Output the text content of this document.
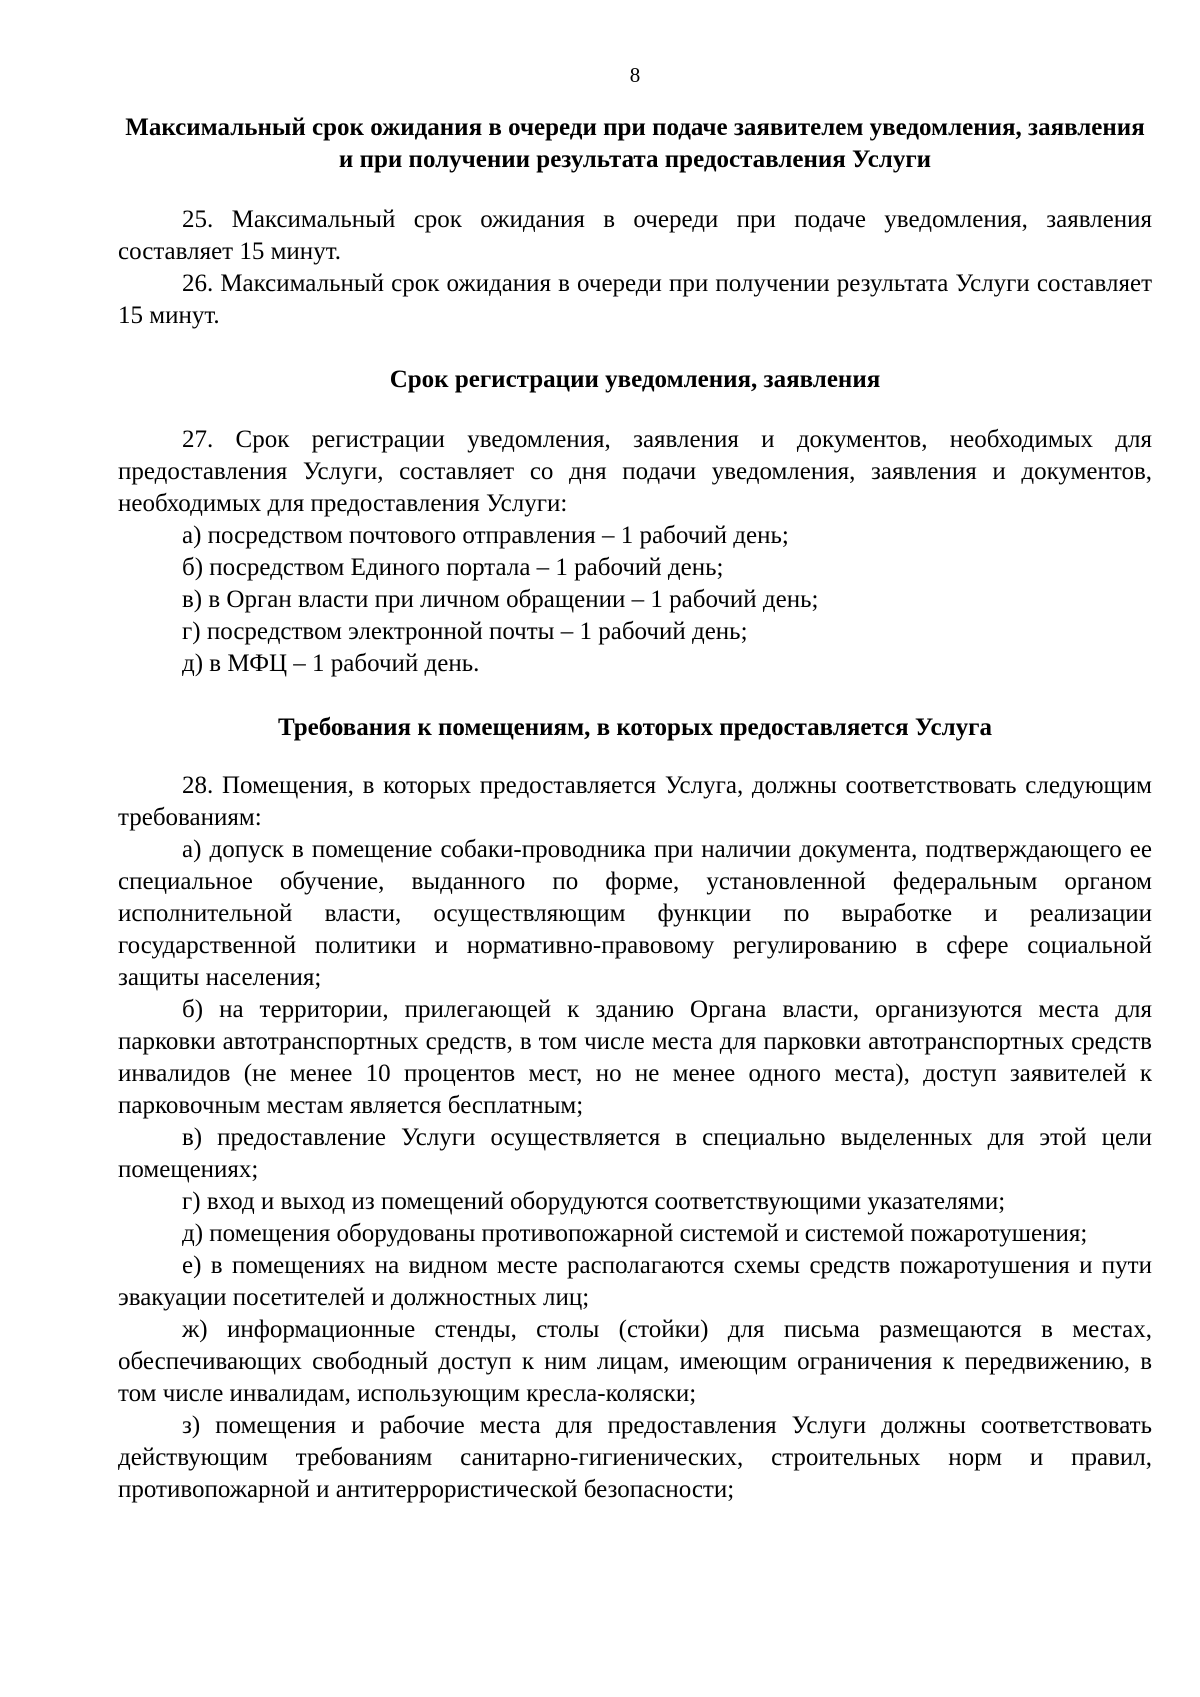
8
Максимальный срок ожидания в очереди при подаче заявителем уведомления, заявления и при получении результата предоставления Услуги

25. Максимальный срок ожидания в очереди при подаче уведомления, заявления составляет 15 минут.

26. Максимальный срок ожидания в очереди при получении результата Услуги составляет 15 минут.

Срок регистрации уведомления, заявления

27. Срок регистрации уведомления, заявления и документов, необходимых для предоставления Услуги, составляет со дня подачи уведомления, заявления и документов, необходимых для предоставления Услуги:

а) посредством почтового отправления – 1 рабочий день;

б) посредством Единого портала – 1 рабочий день;

в) в Орган власти при личном обращении – 1 рабочий день;

г) посредством электронной почты – 1 рабочий день;

д) в МФЦ – 1 рабочий день.

Требования к помещениям, в которых предоставляется Услуга

28. Помещения, в которых предоставляется Услуга, должны соответствовать следующим требованиям:

а) допуск в помещение собаки-проводника при наличии документа, подтверждающего ее специальное обучение, выданного по форме, установленной федеральным органом исполнительной власти, осуществляющим функции по выработке и реализации государственной политики и нормативно-правовому регулированию в сфере социальной защиты населения;

б) на территории, прилегающей к зданию Органа власти, организуются места для парковки автотранспортных средств, в том числе места для парковки автотранспортных средств инвалидов (не менее 10 процентов мест, но не менее одного места), доступ заявителей к парковочным местам является бесплатным;

в) предоставление Услуги осуществляется в специально выделенных для этой цели помещениях;

г) вход и выход из помещений оборудуются соответствующими указателями;

д) помещения оборудованы противопожарной системой и системой пожаротушения;

е) в помещениях на видном месте располагаются схемы средств пожаротушения и пути эвакуации посетителей и должностных лиц;

ж) информационные стенды, столы (стойки) для письма размещаются в местах, обеспечивающих свободный доступ к ним лицам, имеющим ограничения к передвижению, в том числе инвалидам, использующим кресла-коляски;

з) помещения и рабочие места для предоставления Услуги должны соответствовать действующим требованиям санитарно-гигиенических, строительных норм и правил, противопожарной и антитеррористической безопасности;
